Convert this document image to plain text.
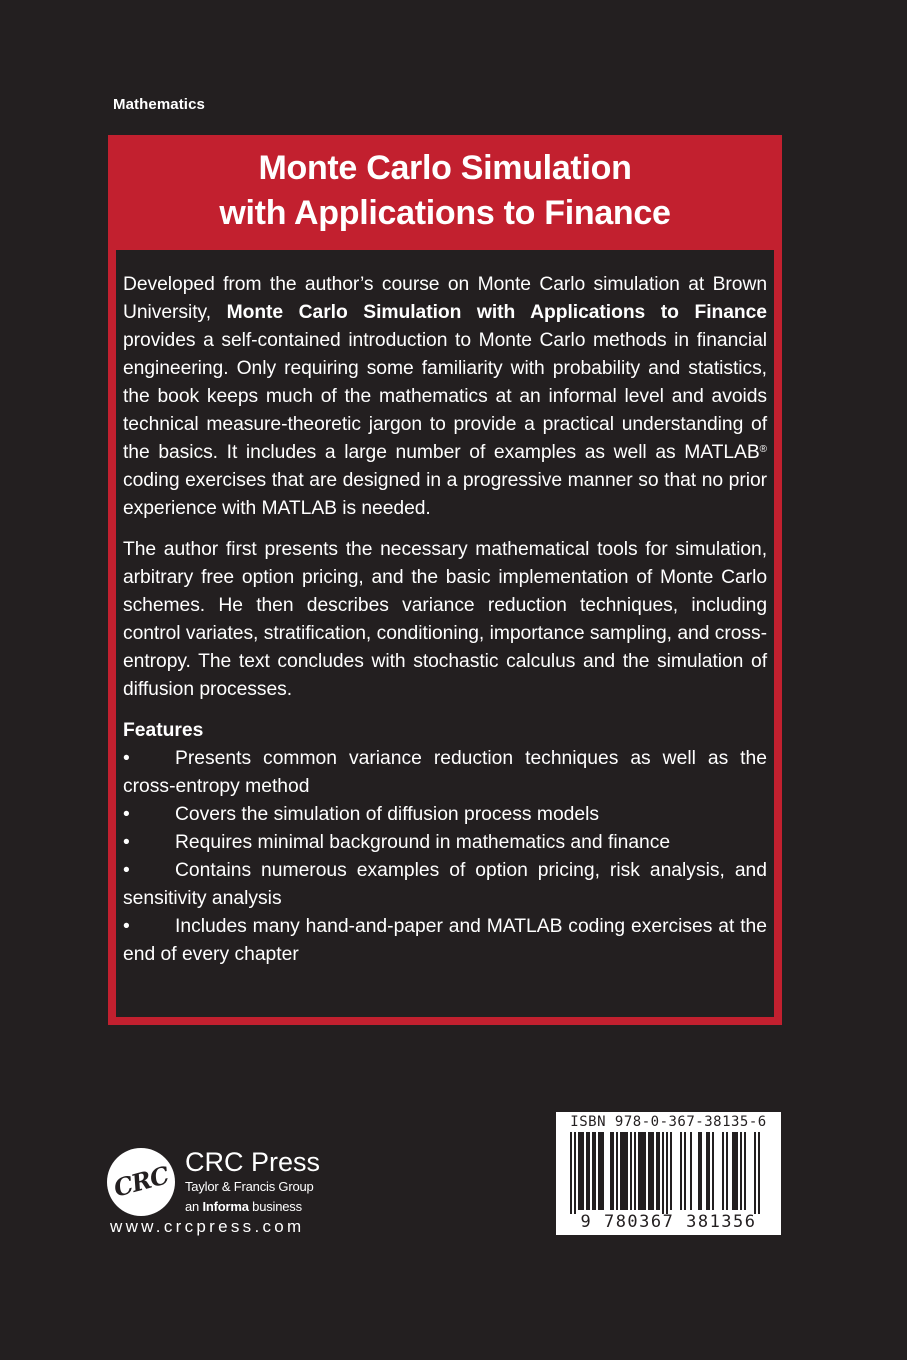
Mathematics
Monte Carlo Simulation
with Applications to Finance

Developed from the author’s course on Monte Carlo simulation at Brown University, Monte Carlo Simulation with Applications to Finance provides a self-contained introduction to Monte Carlo methods in financial engineering. Only requiring some familiarity with probability and statistics, the book keeps much of the mathematics at an informal level and avoids technical measure-theoretic jargon to provide a practical understanding of the basics. It includes a large number of examples as well as MATLAB® coding exercises that are designed in a progressive manner so that no prior experience with MATLAB is needed.

The author first presents the necessary mathematical tools for simulation, arbitrary free option pricing, and the basic implementation of Monte Carlo schemes. He then describes variance reduction techniques, including control variates, stratification, conditioning, importance sampling, and cross-entropy. The text concludes with stochastic calculus and the simulation of diffusion processes.

Features

• Presents common variance reduction techniques as well as the cross-entropy method

• Covers the simulation of diffusion process models

• Requires minimal background in mathematics and finance

• Contains numerous examples of option pricing, risk analysis, and sensitivity analysis

• Includes many hand-and-paper and MATLAB coding exercises at the end of every chapter

CRC CRC Press
Taylor & Francis Group
an Informa business
www.crcpress.com
ISBN 978-0-367-38135-6
9 780367 381356
